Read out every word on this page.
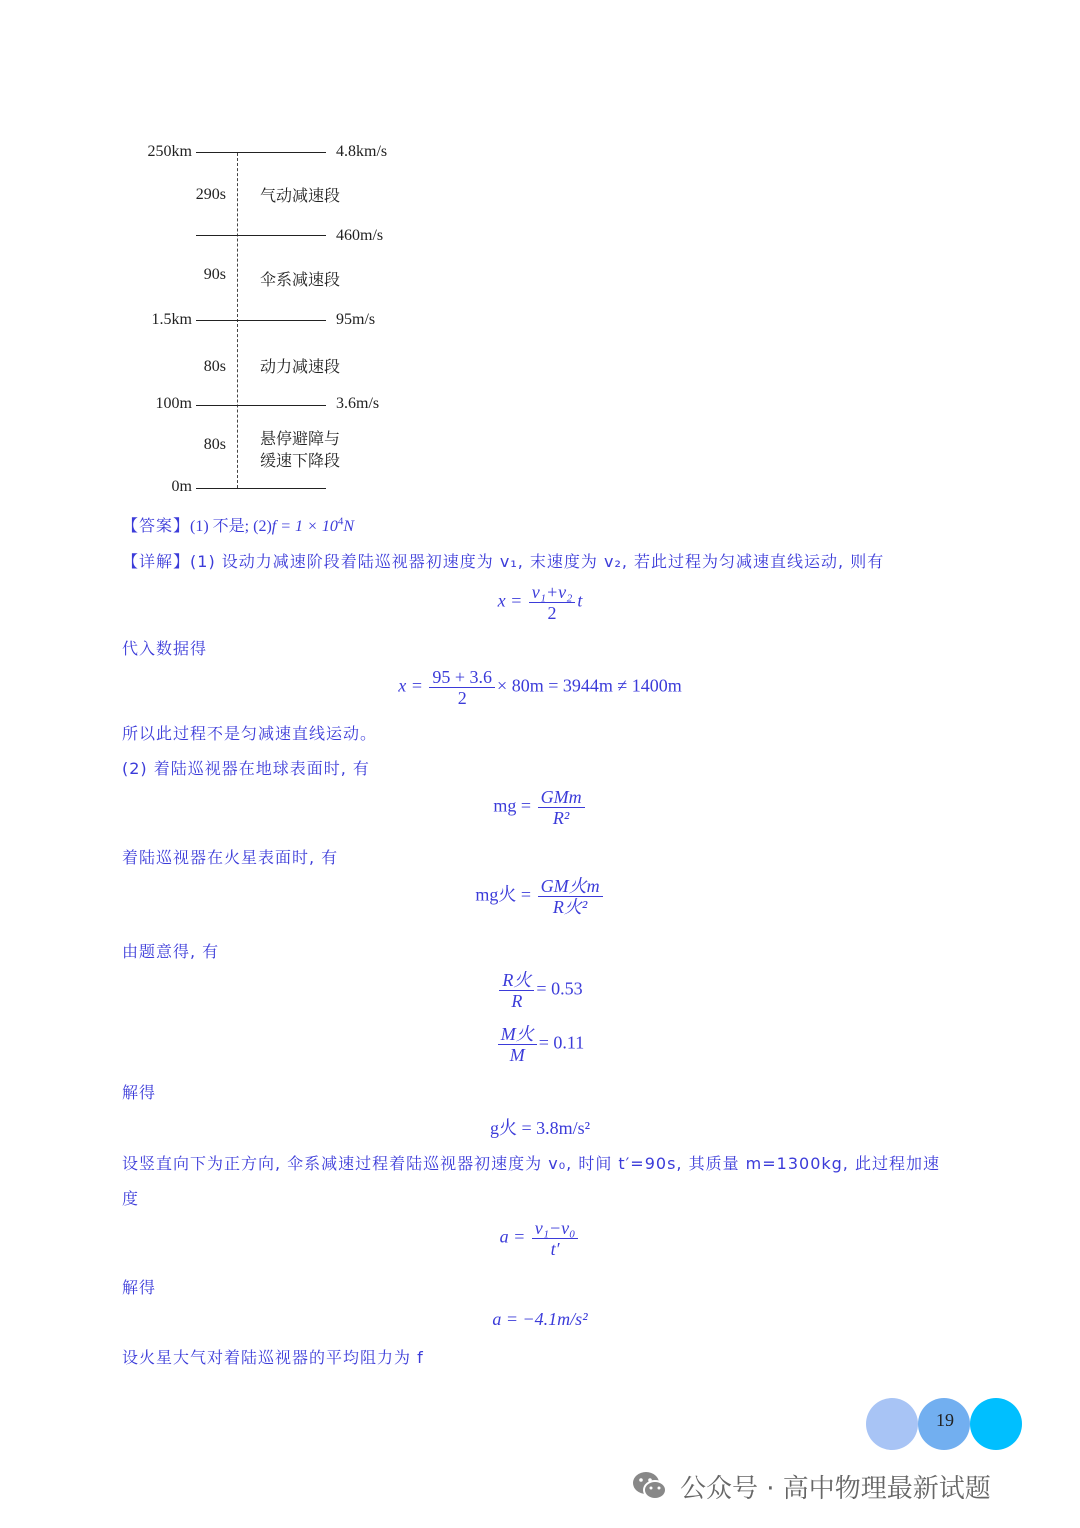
250km
1.5km
100m
0m
4.8km/s
460m/s
95m/s
3.6m/s
290s
90s
80s
80s
气动减速段
伞系减速段
动力减速段
悬停避障与
缓速下降段
【答案】(1) 不是; $(2)f = 1 \times 10^4N$
【详解】(1) 设动力减速阶段着陆巡视器初速度为 v₁, 末速度为 v₂, 若此过程为匀减速直线运动, 则有
$x = \frac{\text{v₁+v₂}}{2}$ t
代入数据得
$x = \frac{95 + 3.6}{2} \times 80m = 3944m \ne 1400m$
所以此过程不是匀减速直线运动。
(2) 着陆巡视器在地球表面时, 有
mg = $\frac{\text{GMm}}{\text{R²}}$
着陆巡视器在火星表面时, 有
mg火 = $\frac{\text{GM火m}}{\text{R火²}}$
由题意得, 有
$\frac{\text{R火}}{R} = 0.53$
$\frac{\text{M火}}{M} = 0.11$
解得
g火 = 3.8m/s²
设竖直向下为正方向, 伞系减速过程着陆巡视器初速度为 v₀, 时间 t′=90s, 其质量 m=1300kg, 此过程加速
度
$a = \frac{\text{v₁−v₀}}{t'}$
解得
a = −4.1m/s²
设火星大气对着陆巡视器的平均阻力为 f
19
公众号 · 高中物理最新试题
